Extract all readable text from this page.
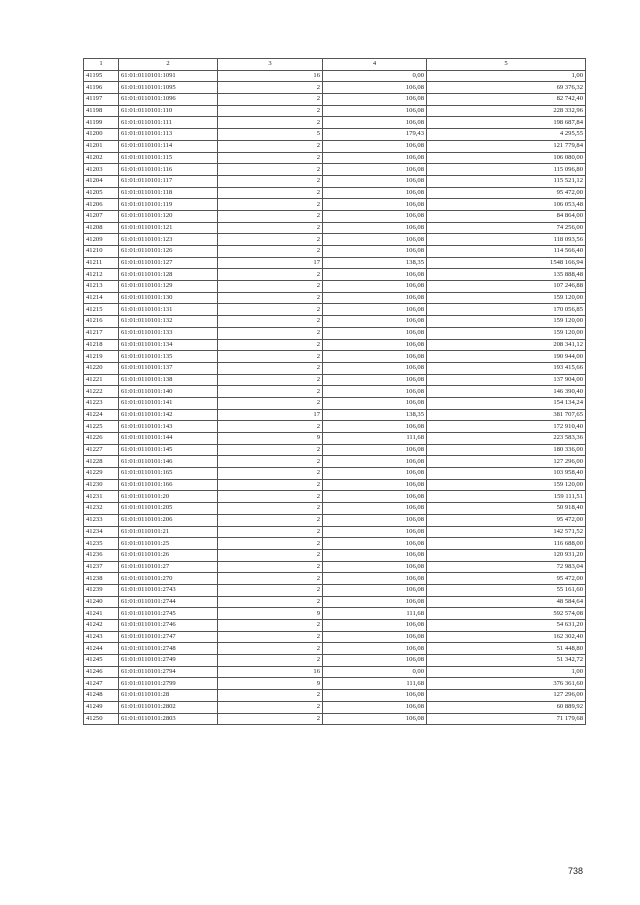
1	2	3	4	5
41195	61:01:0110101:1091	16	0,00	1,00
41196	61:01:0110101:1095	2	106,08	69 376,32
41197	61:01:0110101:1096	2	106,08	82 742,40
41198	61:01:0110101:110	2	106,08	228 332,96
41199	61:01:0110101:111	2	106,08	198 687,84
41200	61:01:0110101:113	5	179,43	4 295,55
41201	61:01:0110101:114	2	106,08	121 779,84
41202	61:01:0110101:115	2	106,08	106 080,00
41203	61:01:0110101:116	2	106,08	115 096,80
41204	61:01:0110101:117	2	106,08	115 521,12
41205	61:01:0110101:118	2	106,08	95 472,00
41206	61:01:0110101:119	2	106,08	106 053,48
41207	61:01:0110101:120	2	106,08	84 864,00
41208	61:01:0110101:121	2	106,08	74 256,00
41209	61:01:0110101:123	2	106,08	118 093,56
41210	61:01:0110101:126	2	106,08	114 566,40
41211	61:01:0110101:127	17	138,35	1548 166,94
41212	61:01:0110101:128	2	106,08	135 888,48
41213	61:01:0110101:129	2	106,08	107 246,88
41214	61:01:0110101:130	2	106,08	159 120,00
41215	61:01:0110101:131	2	106,08	170 056,85
41216	61:01:0110101:132	2	106,08	159 120,00
41217	61:01:0110101:133	2	106,08	159 120,00
41218	61:01:0110101:134	2	106,08	208 341,12
41219	61:01:0110101:135	2	106,08	190 944,00
41220	61:01:0110101:137	2	106,08	193 415,66
41221	61:01:0110101:138	2	106,08	137 904,00
41222	61:01:0110101:140	2	106,08	146 390,40
41223	61:01:0110101:141	2	106,08	154 134,24
41224	61:01:0110101:142	17	138,35	381 707,65
41225	61:01:0110101:143	2	106,08	172 910,40
41226	61:01:0110101:144	9	111,68	223 583,36
41227	61:01:0110101:145	2	106,08	180 336,00
41228	61:01:0110101:146	2	106,08	127 296,00
41229	61:01:0110101:165	2	106,08	103 958,40
41230	61:01:0110101:166	2	106,08	159 120,00
41231	61:01:0110101:20	2	106,08	159 111,51
41232	61:01:0110101:205	2	106,08	50 918,40
41233	61:01:0110101:206	2	106,08	95 472,00
41234	61:01:0110101:21	2	106,08	142 571,52
41235	61:01:0110101:25	2	106,08	116 688,00
41236	61:01:0110101:26	2	106,08	120 931,20
41237	61:01:0110101:27	2	106,08	72 983,04
41238	61:01:0110101:270	2	106,08	95 472,00
41239	61:01:0110101:2743	2	106,08	55 161,60
41240	61:01:0110101:2744	2	106,08	48 584,64
41241	61:01:0110101:2745	9	111,68	592 574,08
41242	61:01:0110101:2746	2	106,08	54 631,20
41243	61:01:0110101:2747	2	106,08	162 302,40
41244	61:01:0110101:2748	2	106,08	51 448,80
41245	61:01:0110101:2749	2	106,08	51 342,72
41246	61:01:0110101:2794	16	0,00	1,00
41247	61:01:0110101:2799	9	111,68	376 361,60
41248	61:01:0110101:28	2	106,08	127 296,00
41249	61:01:0110101:2802	2	106,08	60 889,92
41250	61:01:0110101:2803	2	106,08	71 179,68
738
